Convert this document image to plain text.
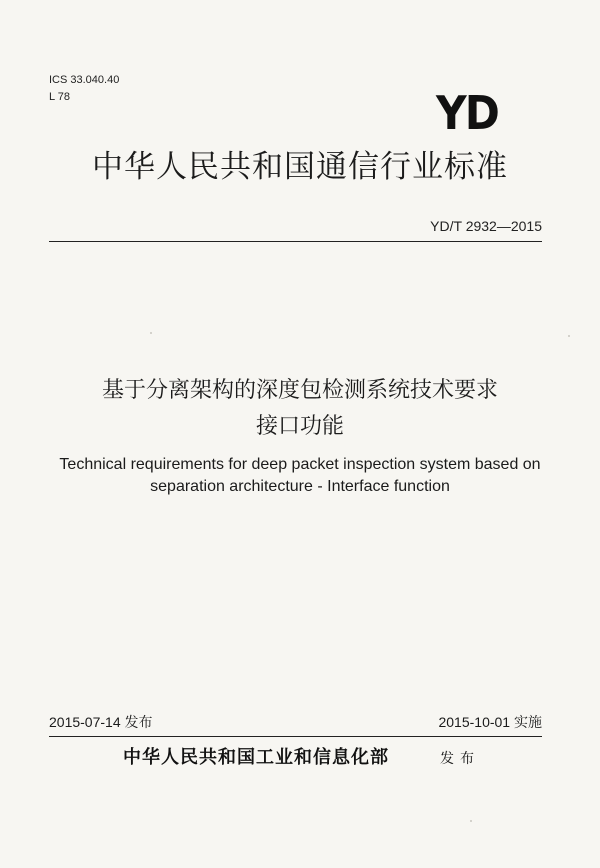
ICS 33.040.40
L 78	YD
中华人民共和国通信行业标准
YD/T 2932—2015
基于分离架构的深度包检测系统技术要求
接口功能
Technical requirements for deep packet inspection system based on
separation architecture - Interface function
2015-07-14 发布	2015-10-01 实施
中华人民共和国工业和信息化部	发布
